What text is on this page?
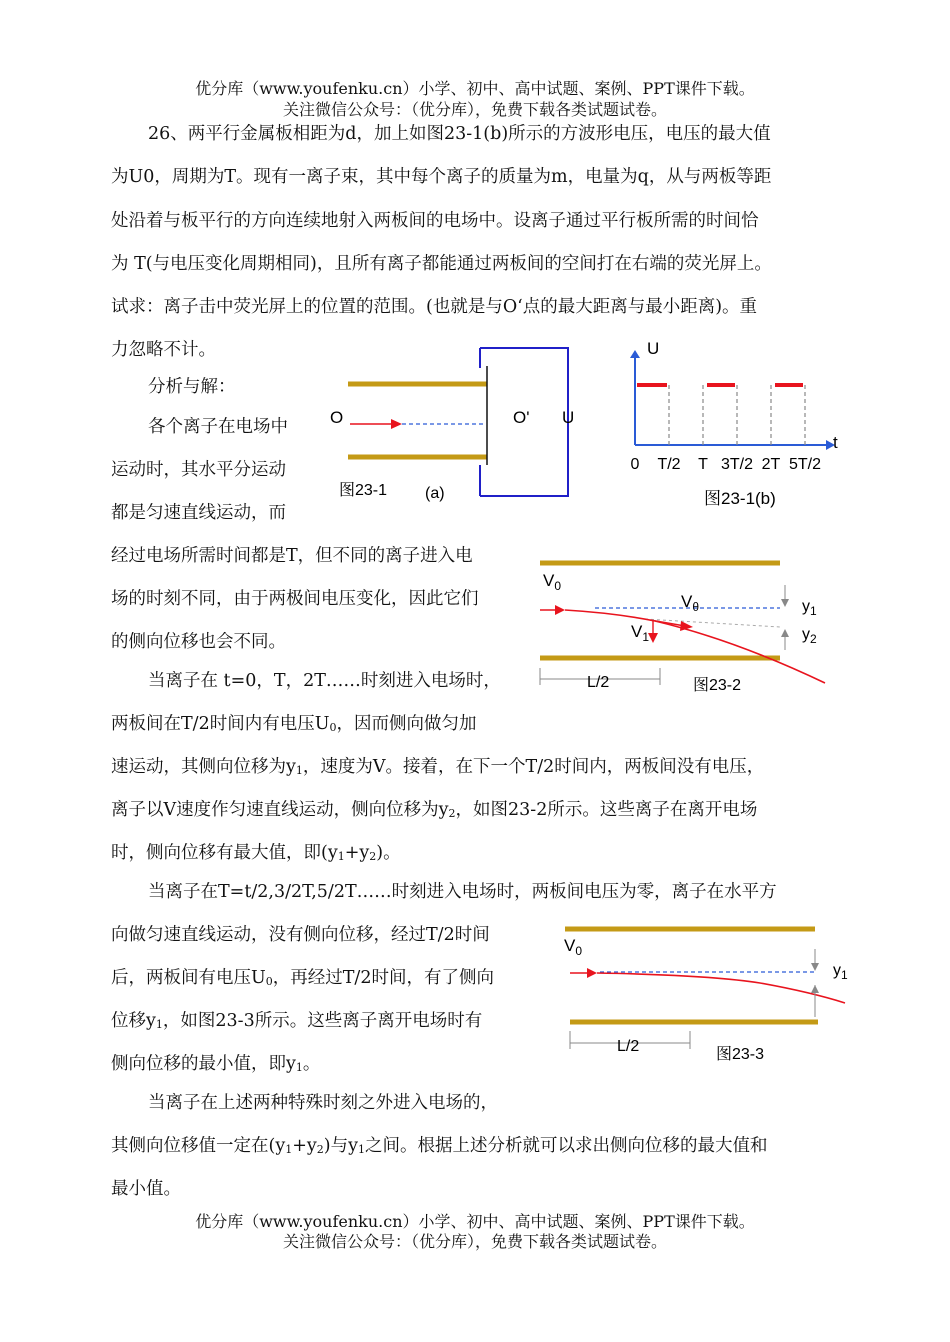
优分库（www.youfenku.cn）小学、初中、高中试题、案例、PPT课件下载。
关注微信公众号：（优分库），免费下载各类试题试卷。
26、两平行金属板相距为d，加上如图23-1(b)所示的方波形电压，电压的最大值
为U0，周期为T。现有一离子束，其中每个离子的质量为m，电量为q，从与两板等距
处沿着与板平行的方向连续地射入两板间的电场中。设离子通过平行板所需的时间恰
为 T(与电压变化周期相同)，且所有离子都能通过两板间的空间打在右端的荧光屏上。
试求：离子击中荧光屏上的位置的范围。(也就是与O‘点的最大距离与最小距离)。重
力忽略不计。
分析与解：
各个离子在电场中
运动时，其水平分运动
都是匀速直线运动，而
经过电场所需时间都是T，但不同的离子进入电
场的时刻不同，由于两极间电压变化，因此它们
的侧向位移也会不同。
当离子在 t=0，T，2T……时刻进入电场时，
两板间在T/2时间内有电压$U_0$，因而侧向做匀加
速运动，其侧向位移为$y_1$，速度为V。接着，在下一个T/2时间内，两板间没有电压，
离子以V速度作匀速直线运动，侧向位移为$y_2$，如图23-2所示。这些离子在离开电场
时，侧向位移有最大值，即$(y_1+y_2)$。
当离子在T=t/2,3/2T,5/2T……时刻进入电场时，两板间电压为零，离子在水平方
向做匀速直线运动，没有侧向位移，经过T/2时间
后，两板间有电压$U_0$，再经过T/2时间，有了侧向
位移$y_1$，如图23-3所示。这些离子离开电场时有
侧向位移的最小值，即$y_1$。
当离子在上述两种特殊时刻之外进入电场的，
其侧向位移值一定在$(y_1+y_2)$与$y_1$之间。根据上述分析就可以求出侧向位移的最大值和
最小值。
优分库（www.youfenku.cn）小学、初中、高中试题、案例、PPT课件下载。
关注微信公众号：（优分库），免费下载各类试题试卷。
O	O' U
图23-1 (a)
U
t
0 T/2 T 3T/2 2T 5T/2
图23-1(b)
$V_0$
$V_\theta$
$V_1$
$y_1$
$y_2$
L/2	图23-2
$V_0$
$y_1$
L/2	图23-3
